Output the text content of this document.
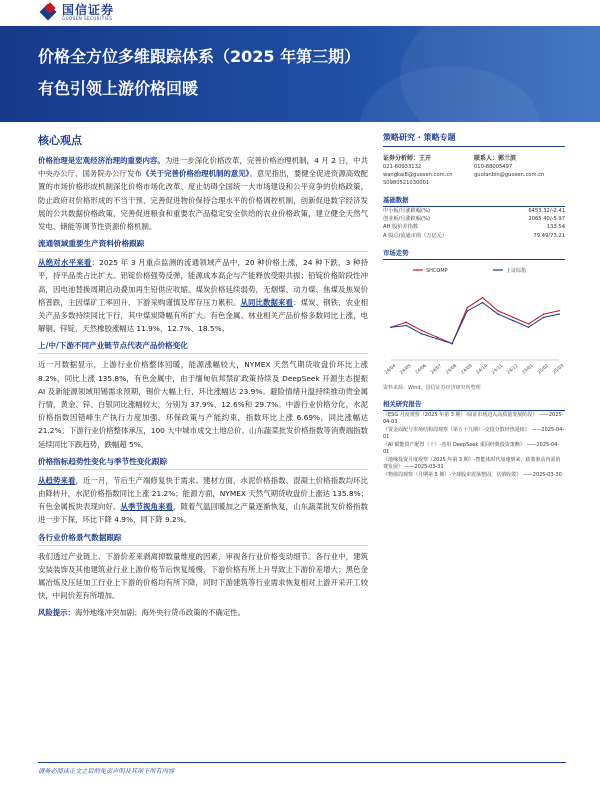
国信证券
GUOSEN SECURITIES
价格全方位多维跟踪体系（2025 年第三期）
有色引领上游价格回暖
核心观点

价格治理是宏观经济治理的重要内容。为进一步深化价格改革，完善价格治理机制，4 月 2 日，中共中央办公厅、国务院办公厅发布《关于完善价格治理机制的意见》。意见指出，要健全促进资源高效配置的市场价格形成机制深化价格市场化改革、度止妨碍全国统一大市场建设和公平竞争的价格政策，防止政府对价格形成的不当干预、完善促进物价保持合理水平的价格调控机制，创新促进数字经济发展的公共数据价格政策，完善促进粮食和重要农产品稳定安全供给的农业价格政策，建立健全天然气发电、储能等调节性资源价格机制。

流通领域重要生产资料价格跟踪

从绝对水平来看：2025 年 3 月重点监测的流通领域产品中，20 种价格上涨，24 种下跌，3 种持平，持平品类占比扩大。铝锭价格强势反弹，能源成本高企与产能释放受限共振；铅锭价格阶段性冲高，因电池替换周期启动叠加再生铅供应收缩。煤炭价格延续弱势，无烟煤、动力煤、焦煤及焦炭价格普跌，主因煤矿工率回升、下游采购谨慎及库存压力累积。从同比数据来看：煤炭、钢铁、农业相关产品多数持续同比下行，其中煤炭降幅有所扩大。有色金属、林业相关产品价格多数同比上涨，电解铜、锌锭、天然橡胶涨幅达 11.9%、12.7%、18.5%。

上/中/下游不同产业链节点代表产品价格变化

近一月数据显示，上游行业价格整体回暖，能源涨幅较大，NYMEX 天然气期货收盘价环比上涨 8.2%，同比上涨 135.8%，有色金属中，由于缅甸佤邦禁矿政策持续及 DeepSeek 开源生态提振 AI 及新能源领域用锡需求预期，锡价大幅上行，环比涨幅达 23.9%。避险情绪升温持续推动贵金属行情，黄金、锌、白银同比涨幅较大，分别为 37.9%、12.6%和 29.7%。中游行业价格分化，水泥价格指数因错峰生产执行力度加强、环保政策与产能约束，指数环比上涨 6.69%，同比涨幅达 21.2%。下游行业价格整体承压，100 大中城市成交土地总价、山东蔬菜批发价格指数等消费端指数延续同比下跌趋势，跌幅超 5%。

价格指标趋势性变化与季节性变化跟踪

从趋势来看，近一月，节后生产端修复快于需求。建材方面，水泥价格指数、混凝土价格指数均环比由降转升，水泥价格指数同比上涨 21.2%；能源方面，NYMEX 天然气期货收盘价上涨达 135.8%；有色金属板块表现向好。从季节视角来看，随着气温回暖加之产量逐渐恢复，山东蔬菜批发价格指数进一步下探，环比下降 4.9%，同下降 9.2%。

各行业价格景气数据跟踪

我们透过产业链上、下游价差来剥离掉数量维度的因素，审视各行业价格变动细节。各行业中，建筑安装装饰及其他建筑业行业上游价格节后恢复缓慢，下游价格有所上升导致上下游价差增大；黑色金属冶炼及压延加工行业上下游的价格均有所下降，同时下游建筑等行业需求恢复相对上游开采开工较快，中间价差有所增加。

风险提示：海外地缘冲突加剧；海外央行货币政策的不确定性。

策略研究 · 策略专题
证券分析师：王开
021-60933132
wangkai8@guosen.com.cn
S0980521030001
联系人：郭兰滨
010-88005497
guolanbin@guosen.com.cn
基础数据
中小板/月涨跌幅(%)	6453.32/-2.41
创业板/月涨跌幅(%)	2065.40/-5.97
AH 股价差指数	133.54
A 股总/流通市值（万亿元）	79.49/73.21
市场走势
SHCOMP	上证综指
24/04 24/05 24/06 24/07 24/08 24/09 24/10 24/11 24/12 25/01 25/02 25/03
资料来源：Wind、国信证券经济研究所整理
相关研究报告
《ESG 月度观察（2025 年第 3 期）-绿证市场迈入高质量发展阶段》 ——2025-04-03
《资金面配与市场结构周观察（第五十九期）-交投分散经热延续》 ——2025-04-01
《AI 赋能资产配置（十）-善用 DeepSeek 重回经典投资策略》 ——2025-04-01
《地缘投资月度观察（2025 年第 3 期）-智能体时代加速到来，政策驱动内需消费发展》 ——2025-03-31
《物值周观察（月期第 5 期）-全球股市震荡整固，估值收敛》 ——2025-03-30
请务必阅读正文之后的免责声明及其项下所有内容
